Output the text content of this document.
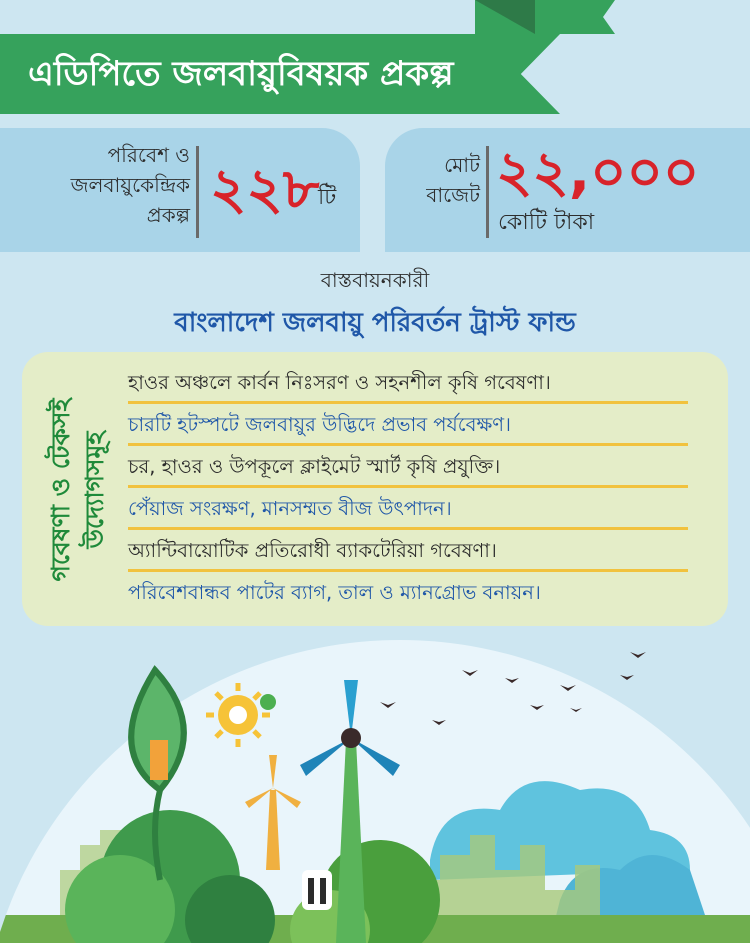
এডিপিতে জলবায়ুবিষয়ক প্রকল্প
পরিবেশ ও
জলবায়ুকেন্দ্রিক
প্রকল্প ২২৮
টি
মোট
বাজেট ২২,০০০
কোটি টাকা
বাস্তবায়নকারী
বাংলাদেশ জলবায়ু পরিবর্তন ট্রাস্ট ফান্ড
গবেষণা ও টেকসই উদ্যোগসমূহ
হাওর অঞ্চলে কার্বন নিঃসরণ ও সহনশীল কৃষি গবেষণা।
চারটি হটস্পটে জলবায়ুর উদ্ভিদে প্রভাব পর্যবেক্ষণ।
চর, হাওর ও উপকূলে ক্লাইমেট স্মার্ট কৃষি প্রযুক্তি।
পেঁয়াজ সংরক্ষণ, মানসম্মত বীজ উৎপাদন।
অ্যান্টিবায়োটিক প্রতিরোধী ব্যাকটেরিয়া গবেষণা।
পরিবেশবান্ধব পাটের ব্যাগ, তাল ও ম্যানগ্রোভ বনায়ন।
